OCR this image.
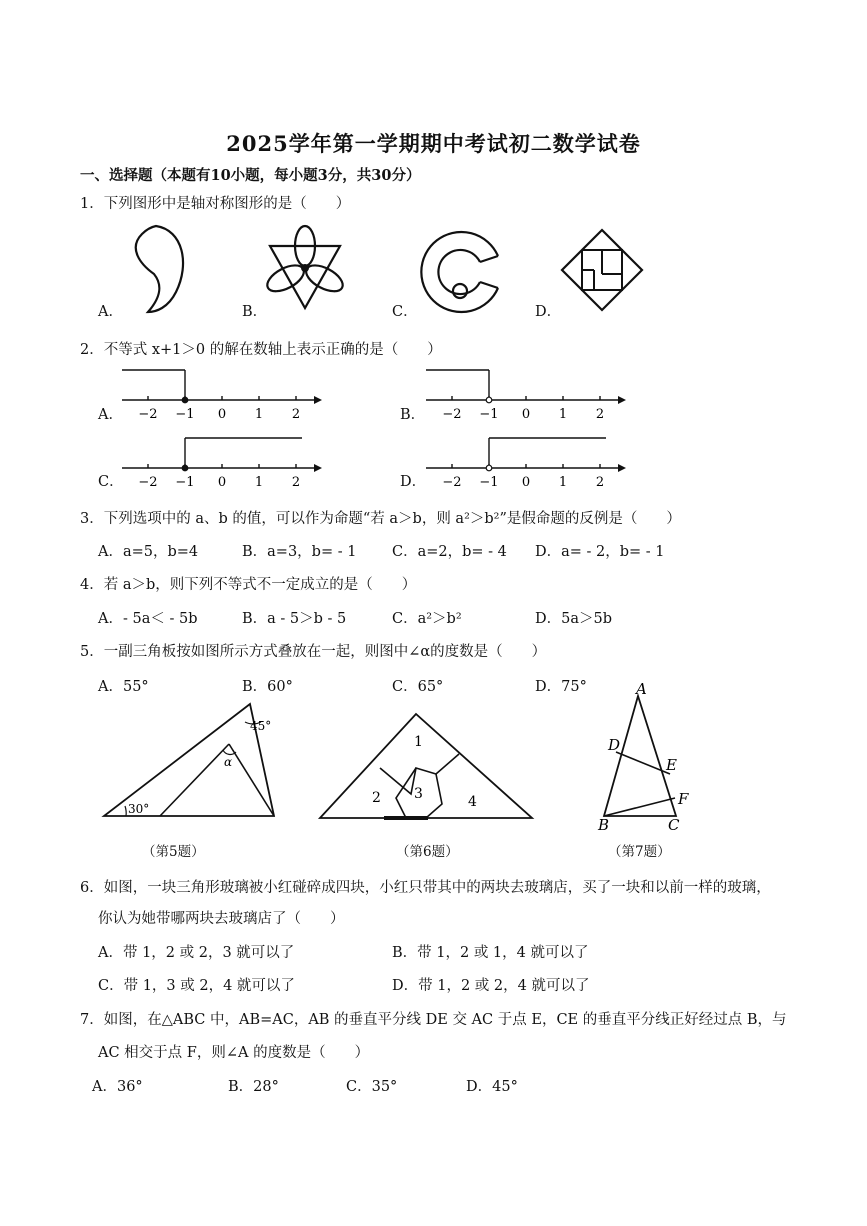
2025学年第一学期期中考试初二数学试卷
一、选择题（本题有10小题，每小题3分，共30分）
1．下列图形中是轴对称图形的是（　　）
A．	B．	C．	D．
2．不等式 x+1＞0 的解在数轴上表示正确的是（　　）
A．	B．
C．	D．
−2 −1 0 1 2	−2 −1 0 1 2
−2 −1 0 1 2	−2 −1 0 1 2
3．下列选项中的 a、b 的值，可以作为命题“若 a＞b，则 a²＞b²”是假命题的反例是（　　）
A．a=5，b=4	B．a=3，b= - 1 C．a=2，b= - 4 D．a= - 2，b= - 1
4．若 a＞b，则下列不等式不一定成立的是（　　）
A．- 5a＜ - 5b	B．a - 5＞b - 5	C．a²＞b²	D．5a＞5b
5．一副三角板按如图所示方式叠放在一起，则图中∠α的度数是（　　）
A．55°	B．60°	C．65°	D．75°
30°
45°
α
（第5题）
1
2 3	4
（第6题）
A
D
E
F
B	C
（第7题）
6．如图，一块三角形玻璃被小红碰碎成四块，小红只带其中的两块去玻璃店，买了一块和以前一样的玻璃，
你认为她带哪两块去玻璃店了（　　）
A．带 1，2 或 2，3 就可以了	B．带 1，2 或 1，4 就可以了
C．带 1，3 或 2，4 就可以了	D．带 1，2 或 2，4 就可以了
7．如图，在△ABC 中，AB=AC，AB 的垂直平分线 DE 交 AC 于点 E，CE 的垂直平分线正好经过点 B，与
AC 相交于点 F，则∠A 的度数是（　　）
A．36°	B．28°	C．35°	D．45°
